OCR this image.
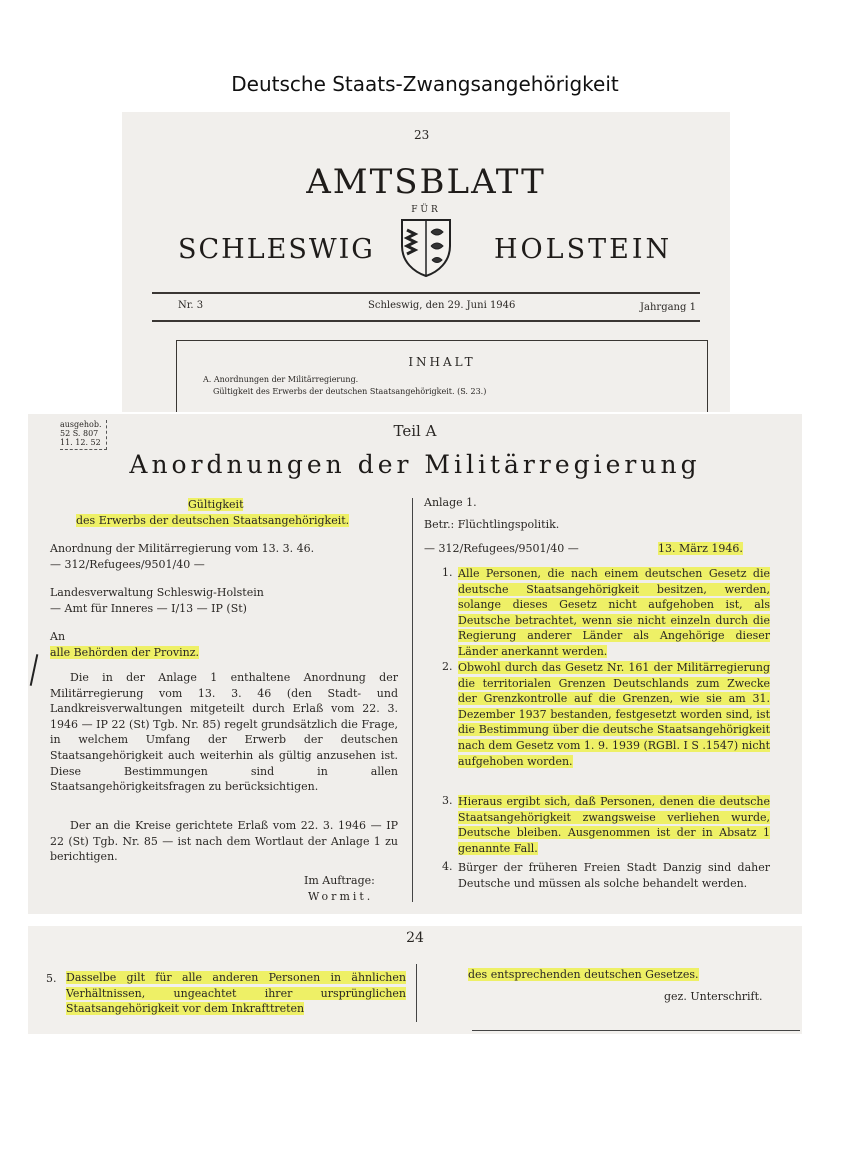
Deutsche Staats-Zwangsangehörigkeit
23
AMTSBLATT
FÜR
SCHLESWIG	HOLSTEIN
Nr. 3	Schleswig, den 29. Juni 1946	Jahrgang 1
INHALT
A. Anordnungen der Militärregierung.
Gültigkeit des Erwerbs der deutschen Staatsangehörigkeit. (S. 23.)
ausgehob.
52 S. 807
11. 12. 52
Teil A
Anordnungen der Militärregierung
Gültigkeit
des Erwerbs der deutschen Staatsangehörigkeit.
Anordnung der Militärregierung vom 13. 3. 46.
— 312/Refugees/9501/40 —
Landesverwaltung Schleswig-Holstein
— Amt für Inneres — I/13 — IP (St)
An
alle Behörden der Provinz.
Die in der Anlage 1 enthaltene Anordnung der Militärregierung vom 13. 3. 46 (den Stadt- und Landkreisverwaltungen mitgeteilt durch Erlaß vom 22. 3. 1946 — IP 22 (St) Tgb. Nr. 85) regelt grundsätzlich die Frage, in welchem Umfang der Erwerb der deutschen Staatsangehörigkeit auch weiterhin als gültig anzusehen ist. Diese Bestimmungen sind in allen Staatsangehörigkeitsfragen zu berücksichtigen.
Der an die Kreise gerichtete Erlaß vom 22. 3. 1946 — IP 22 (St) Tgb. Nr. 85 — ist nach dem Wortlaut der Anlage 1 zu berichtigen.
Im Auftrage:
Wormit.
Anlage 1.
Betr.: Flüchtlingspolitik.
— 312/Refugees/9501/40 —	13. März 1946.
1. Alle Personen, die nach einem deutschen Gesetz die deutsche Staatsangehörigkeit besitzen, werden, solange dieses Gesetz nicht aufgehoben ist, als Deutsche betrachtet, wenn sie nicht einzeln durch die Regierung anderer Länder als Angehörige dieser Länder anerkannt werden.
2. Obwohl durch das Gesetz Nr. 161 der Militärregierung die territorialen Grenzen Deutschlands zum Zwecke der Grenzkontrolle auf die Grenzen, wie sie am 31. Dezember 1937 bestanden, festgesetzt worden sind, ist die Bestimmung über die deutsche Staatsangehörigkeit nach dem Gesetz vom 1. 9. 1939 (RGBl. I S .1547) nicht aufgehoben worden.
3. Hieraus ergibt sich, daß Personen, denen die deutsche Staatsangehörigkeit zwangsweise verliehen wurde, Deutsche bleiben. Ausgenommen ist der in Absatz 1 genannte Fall.
4. Bürger der früheren Freien Stadt Danzig sind daher Deutsche und müssen als solche behandelt werden.
24
5. Dasselbe gilt für alle anderen Personen in ähnlichen Verhältnissen, ungeachtet ihrer ursprünglichen Staatsangehörigkeit vor dem Inkrafttreten
des entsprechenden deutschen Gesetzes.
gez. Unterschrift.
